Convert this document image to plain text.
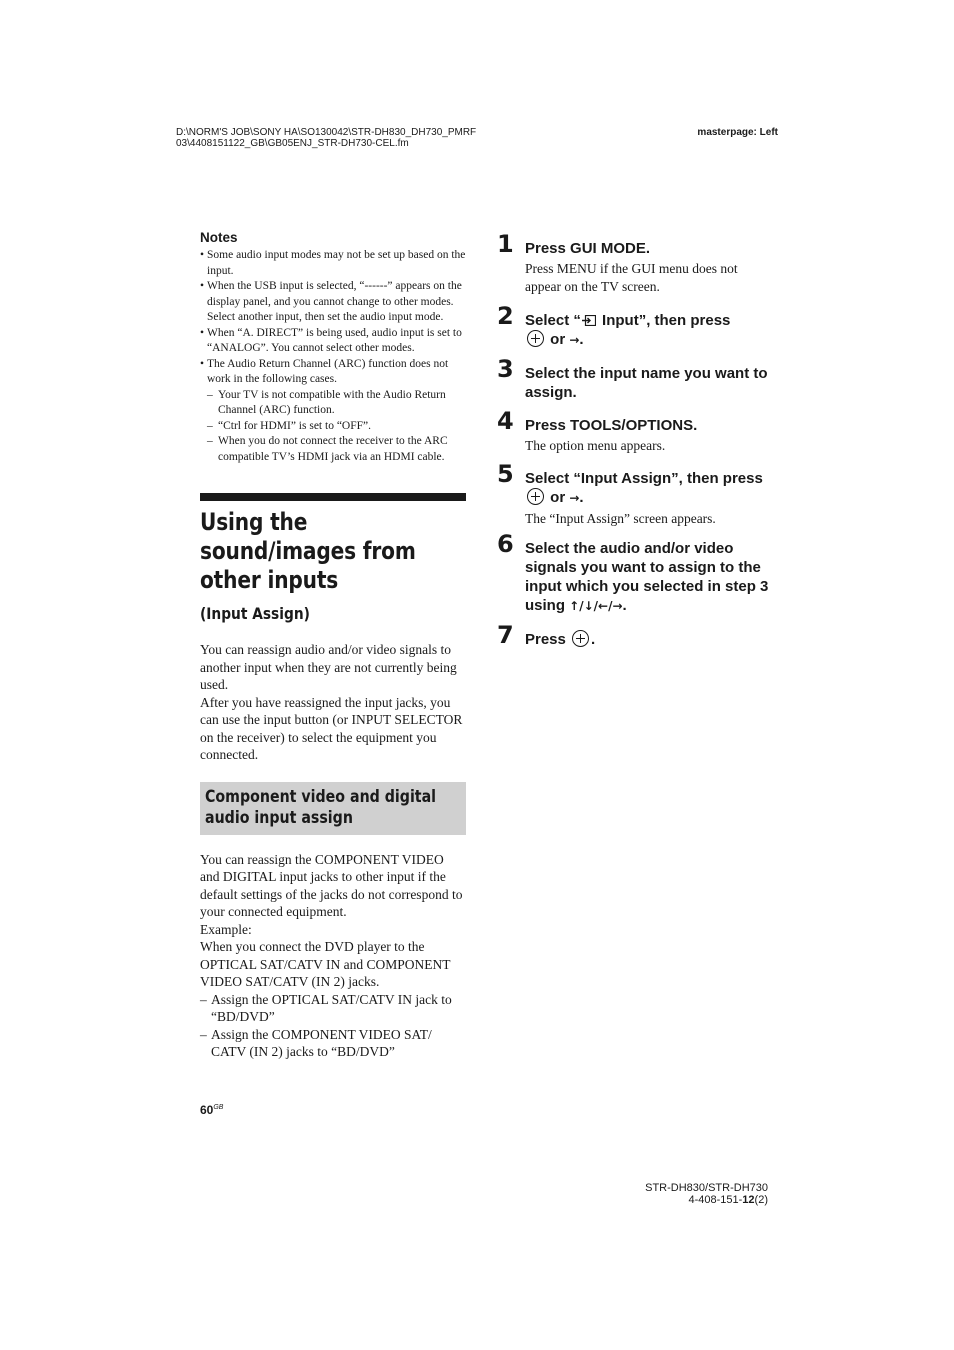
D:\NORM'S JOB\SONY HA\SO130042\STR-DH830_DH730_PMRF
03\4408151122_GB\GB05ENJ_STR-DH730-CEL.fm
masterpage: Left
Notes
• Some audio input modes may not be set up based on the input.
• When the USB input is selected, “------” appears on the display panel, and you cannot change to other modes. Select another input, then set the audio input mode.
• When “A. DIRECT” is being used, audio input is set to “ANALOG”. You cannot select other modes.
• The Audio Return Channel (ARC) function does not work in the following cases.
– Your TV is not compatible with the Audio Return Channel (ARC) function.
– “Ctrl for HDMI” is set to “OFF”.
– When you do not connect the receiver to the ARC compatible TV’s HDMI jack via an HDMI cable.
Using the sound/images from other inputs
(Input Assign)
You can reassign audio and/or video signals to another input when they are not currently being used.
After you have reassigned the input jacks, you can use the input button (or INPUT SELECTOR on the receiver) to select the equipment you connected.
Component video and digital audio input assign
You can reassign the COMPONENT VIDEO and DIGITAL input jacks to other input if the default settings of the jacks do not correspond to your connected equipment.
Example:
When you connect the DVD player to the OPTICAL SAT/CATV IN and COMPONENT VIDEO SAT/CATV (IN 2) jacks.
– Assign the OPTICAL SAT/CATV IN jack to “BD/DVD”
– Assign the COMPONENT VIDEO SAT/ CATV (IN 2) jacks to “BD/DVD”
$60^{GB}$
1 Press GUI MODE.
Press MENU if the GUI menu does not appear on the TV screen.
2 Select “ Input”, then press
or →.
3 Select the input name you want to assign.
4 Press TOOLS/OPTIONS.
The option menu appears.
5 Select “Input Assign”, then press  or →.
The “Input Assign” screen appears.
6 Select the audio and/or video signals you want to assign to the input which you selected in step 3 using ↑/↓/←/→.
7 Press .
STR-DH830/STR-DH730
4-408-151-12(2)
